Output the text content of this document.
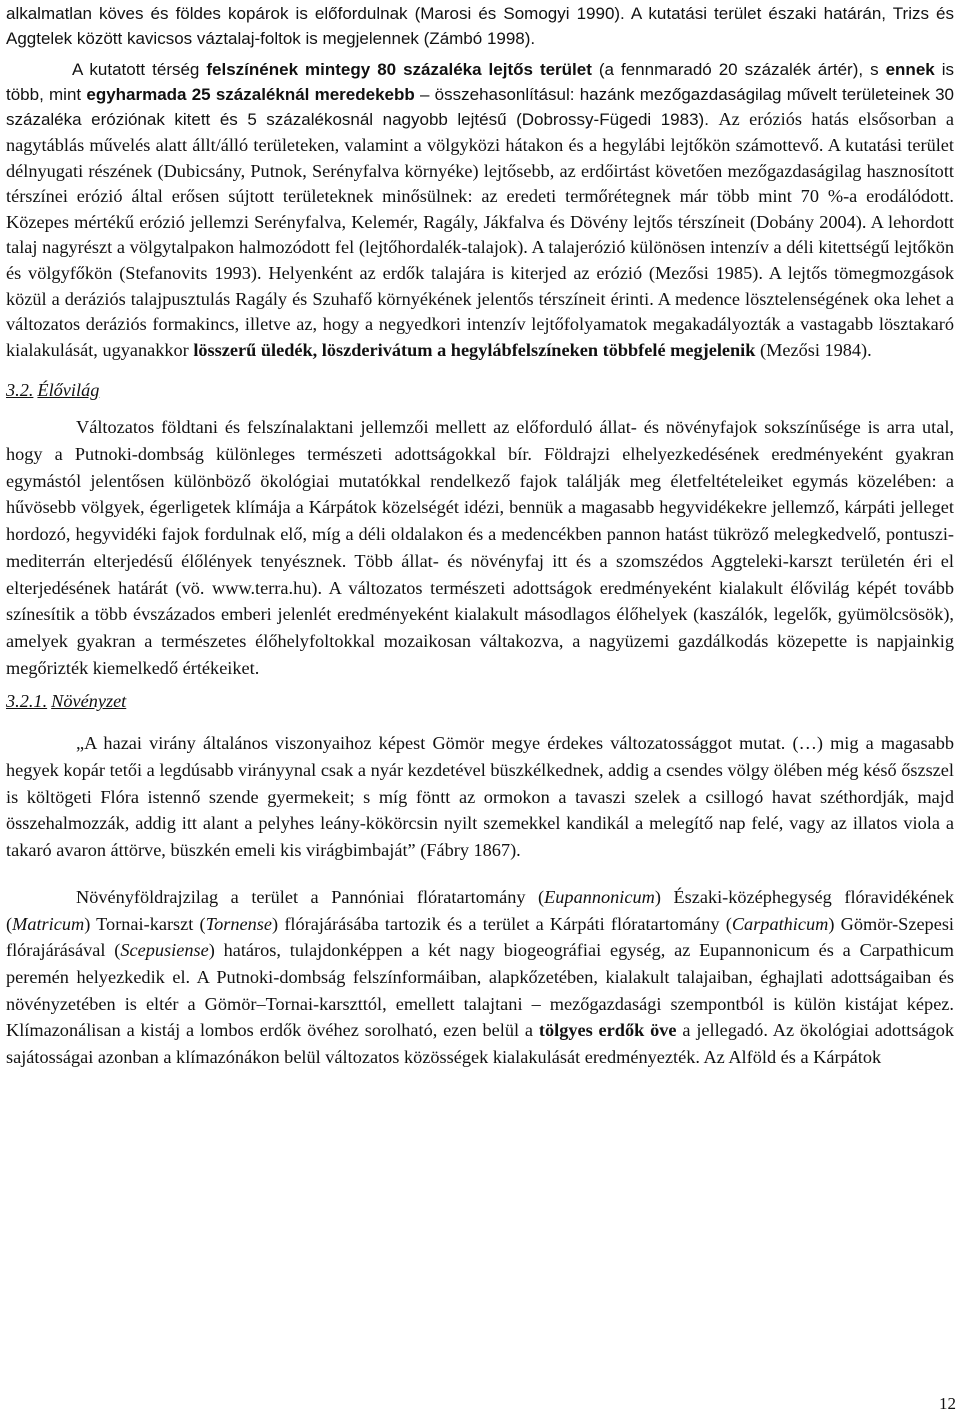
alkalmatlan köves és földes kopárok is előfordulnak (Marosi és Somogyi 1990). A kutatási terület északi határán, Trizs és Aggtelek között kavicsos váztalaj-foltok is megjelennek (Zámbó 1998).

A kutatott térség felszínének mintegy 80 százaléka lejtős terület (a fennmaradó 20 százalék ártér), s ennek is több, mint egyharmada 25 százaléknál meredekebb – összehasonlításul: hazánk mezőgazdaságilag művelt területeinek 30 százaléka eróziónak kitett és 5 százalékosnál nagyobb lejtésű (Dobrossy-Fügedi 1983). Az eróziós hatás elsősorban a nagytáblás művelés alatt állt/álló területeken, valamint a völgyközi hátakon és a hegylábi lejtőkön számottevő. A kutatási terület délnyugati részének (Dubicsány, Putnok, Serényfalva környéke) lejtősebb, az erdőirtást követően mezőgazdaságilag hasznosított térszínei erózió által erősen sújtott területeknek minősülnek: az eredeti termőrétegnek már több mint 70 %-a erodálódott. Közepes mértékű erózió jellemzi Serényfalva, Kelemér, Ragály, Jákfalva és Dövény lejtős térszíneit (Dobány 2004). A lehordott talaj nagyrészt a völgytalpakon halmozódott fel (lejtőhordalék-talajok). A talajerózió különösen intenzív a déli kitettségű lejtőkön és völgyfőkön (Stefanovits 1993). Helyenként az erdők talajára is kiterjed az erózió (Mezősi 1985). A lejtős tömegmozgások közül a deráziós talajpusztulás Ragály és Szuhafő környékének jelentős térszíneit érinti. A medence lösztelenségének oka lehet a változatos deráziós formakincs, illetve az, hogy a negyedkori intenzív lejtőfolyamatok megakadályozták a vastagabb lösztakaró kialakulását, ugyanakkor lösszerű üledék, löszderivátum a hegylábfelszíneken többfelé megjelenik (Mezősi 1984).

3.2. Élővilág

Változatos földtani és felszínalaktani jellemzői mellett az előforduló állat- és növényfajok sokszínűsége is arra utal, hogy a Putnoki-dombság különleges természeti adottságokkal bír. Földrajzi elhelyezkedésének eredményeként gyakran egymástól jelentősen különböző ökológiai mutatókkal rendelkező fajok találják meg életfeltételeiket egymás közelében: a hűvösebb völgyek, égerligetek klímája a Kárpátok közelségét idézi, bennük a magasabb hegyvidékekre jellemző, kárpáti jelleget hordozó, hegyvidéki fajok fordulnak elő, míg a déli oldalakon és a medencékben pannon hatást tükröző melegkedvelő, pontuszi-mediterrán elterjedésű élőlények tenyésznek. Több állat- és növényfaj itt és a szomszédos Aggteleki-karszt területén éri el elterjedésének határát (vö. www.terra.hu). A változatos természeti adottságok eredményeként kialakult élővilág képét tovább színesítik a több évszázados emberi jelenlét eredményeként kialakult másodlagos élőhelyek (kaszálók, legelők, gyümölcsösök), amelyek gyakran a természetes élőhelyfoltokkal mozaikosan váltakozva, a nagyüzemi gazdálkodás közepette is napjainkig megőrizték kiemelkedő értékeiket.

3.2.1. Növényzet

„A hazai virány általános viszonyaihoz képest Gömör megye érdekes változatossággot mutat. (…) mig a magasabb hegyek kopár tetői a legdúsabb virányynal csak a nyár kezdetével büszkélkednek, addig a csendes völgy ölében még késő őszszel is költögeti Flóra istennő szende gyermekeit; s míg föntt az ormokon a tavaszi szelek a csillogó havat széthordják, majd összehalmozzák, addig itt alant a pelyhes leány-kökörcsin nyilt szemekkel kandikál a melegítő nap felé, vagy az illatos viola a takaró avaron áttörve, büszkén emeli kis virágbimbaját” (Fábry 1867).

Növényföldrajzilag a terület a Pannóniai flóratartomány (Eupannonicum) Északi-középhegység flóravidékének (Matricum) Tornai-karszt (Tornense) flórajárásába tartozik és a terület a Kárpáti flóratartomány (Carpathicum) Gömör-Szepesi flórajárásával (Scepusiense) határos, tulajdonképpen a két nagy biogeográfiai egység, az Eupannonicum és a Carpathicum peremén helyezkedik el. A Putnoki-dombság felszínformáiban, alapkőzetében, kialakult talajaiban, éghajlati adottságaiban és növényzetében is eltér a Gömör–Tornai-karszttól, emellett talajtani – mezőgazdasági szempontból is külön kistájat képez. Klímazonálisan a kistáj a lombos erdők övéhez sorolható, ezen belül a tölgyes erdők öve a jellegadó. Az ökológiai adottságok sajátosságai azonban a klímazónákon belül változatos közösségek kialakulását eredményezték. Az Alföld és a Kárpátok

12
